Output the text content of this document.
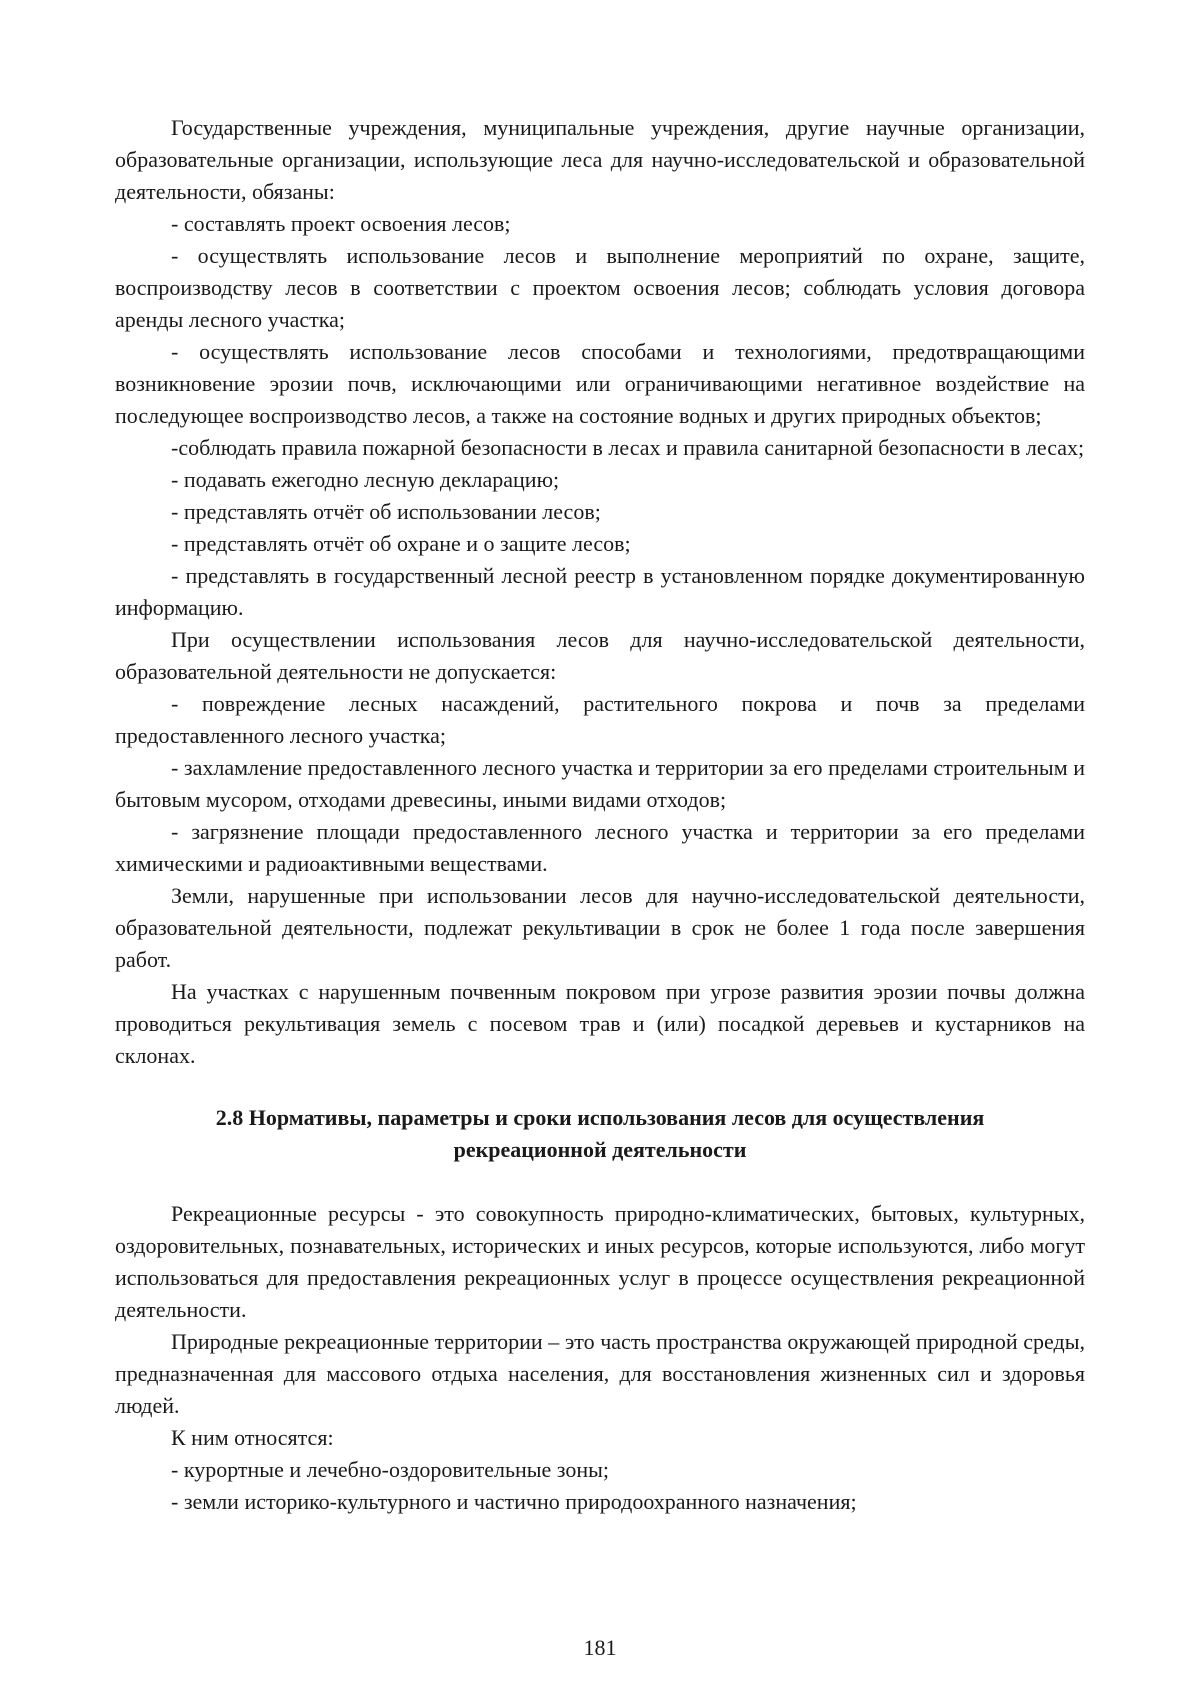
Государственные учреждения, муниципальные учреждения, другие научные организации, образовательные организации, использующие леса для научно-исследовательской и образовательной деятельности, обязаны:

- составлять проект освоения лесов;

- осуществлять использование лесов и выполнение мероприятий по охране, защите, воспроизводству лесов в соответствии с проектом освоения лесов; соблюдать условия договора аренды лесного участка;

- осуществлять использование лесов способами и технологиями, предотвращающими возникновение эрозии почв, исключающими или ограничивающими негативное воздействие на последующее воспроизводство лесов, а также на состояние водных и других природных объектов;

-соблюдать правила пожарной безопасности в лесах и правила санитарной безопасности в лесах;

- подавать ежегодно лесную декларацию;

- представлять отчёт об использовании лесов;

- представлять отчёт об охране и о защите лесов;

- представлять в государственный лесной реестр в установленном порядке документированную информацию.

При осуществлении использования лесов для научно-исследовательской деятельности, образовательной деятельности не допускается:

- повреждение лесных насаждений, растительного покрова и почв за пределами предоставленного лесного участка;

- захламление предоставленного лесного участка и территории за его пределами строительным и бытовым мусором, отходами древесины, иными видами отходов;

- загрязнение площади предоставленного лесного участка и территории за его пределами химическими и радиоактивными веществами.

Земли, нарушенные при использовании лесов для научно-исследовательской деятельности, образовательной деятельности, подлежат рекультивации в срок не более 1 года после завершения работ.

На участках с нарушенным почвенным покровом при угрозе развития эрозии почвы должна проводиться рекультивация земель с посевом трав и (или) посадкой деревьев и кустарников на склонах.

2.8 Нормативы, параметры и сроки использования лесов для осуществления
рекреационной деятельности

Рекреационные ресурсы - это совокупность природно-климатических, бытовых, культурных, оздоровительных, познавательных, исторических и иных ресурсов, которые используются, либо могут использоваться для предоставления рекреационных услуг в процессе осуществления рекреационной деятельности.

Природные рекреационные территории – это часть пространства окружающей природной среды, предназначенная для массового отдыха населения, для восстановления жизненных сил и здоровья людей.

К ним относятся:

- курортные и лечебно-оздоровительные зоны;

- земли историко-культурного и частично природоохранного назначения;

181
